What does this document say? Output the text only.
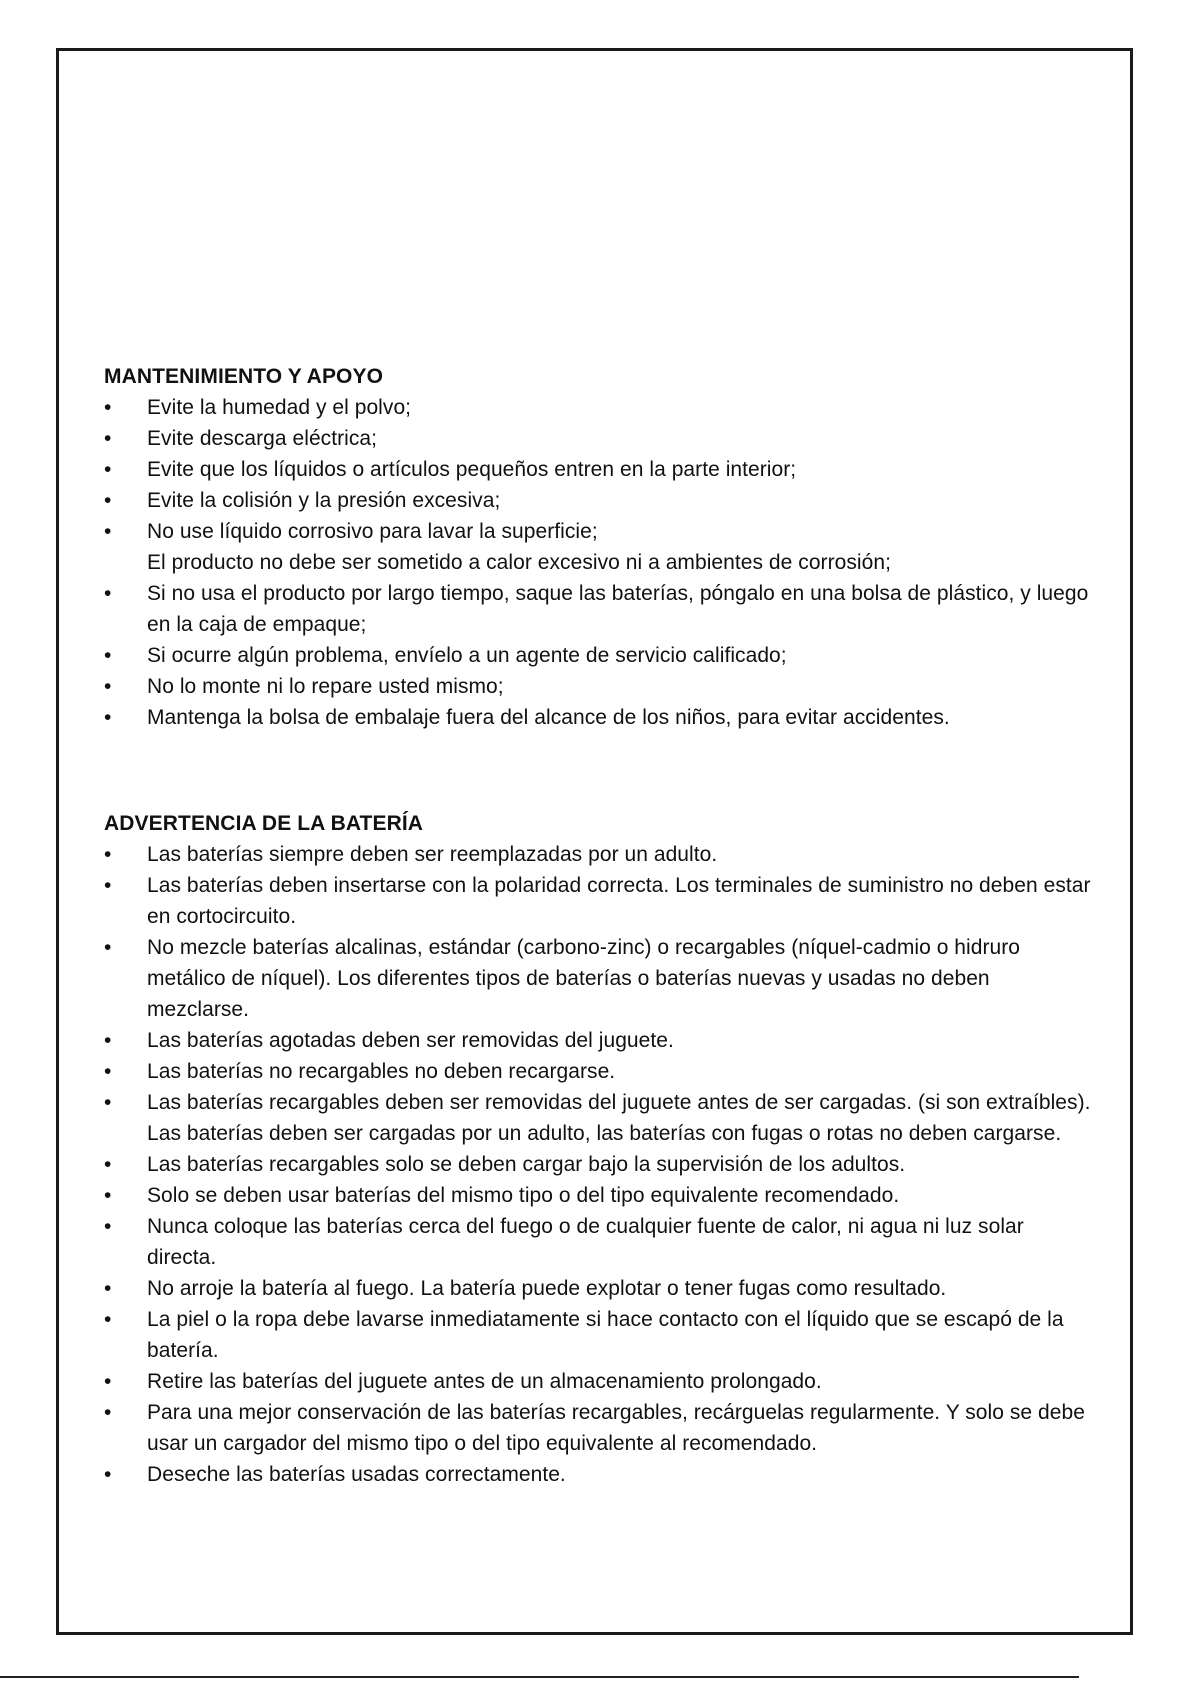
MANTENIMIENTO Y APOYO
• Evite la humedad y el polvo;
• Evite descarga eléctrica;
• Evite que los líquidos o artículos pequeños entren en la parte interior;
• Evite la colisión y la presión excesiva;
• No use líquido corrosivo para lavar la superficie;
El producto no debe ser sometido a calor excesivo ni a ambientes de corrosión;
• Si no usa el producto por largo tiempo, saque las baterías, póngalo en una bolsa de plástico, y luego en la caja de empaque;
• Si ocurre algún problema, envíelo a un agente de servicio calificado;
• No lo monte ni lo repare usted mismo;
• Mantenga la bolsa de embalaje fuera del alcance de los niños, para evitar accidentes.
ADVERTENCIA DE LA BATERÍA
• Las baterías siempre deben ser reemplazadas por un adulto.
• Las baterías deben insertarse con la polaridad correcta. Los terminales de suministro no deben estar en cortocircuito.
• No mezcle baterías alcalinas, estándar (carbono-zinc) o recargables (níquel-cadmio o hidruro metálico de níquel). Los diferentes tipos de baterías o baterías nuevas y usadas no deben mezclarse.
• Las baterías agotadas deben ser removidas del juguete.
• Las baterías no recargables no deben recargarse.
• Las baterías recargables deben ser removidas del juguete antes de ser cargadas. (si son extraíbles). Las baterías deben ser cargadas por un adulto, las baterías con fugas o rotas no deben cargarse.
• Las baterías recargables solo se deben cargar bajo la supervisión de los adultos.
• Solo se deben usar baterías del mismo tipo o del tipo equivalente recomendado.
• Nunca coloque las baterías cerca del fuego o de cualquier fuente de calor, ni agua ni luz solar directa.
• No arroje la batería al fuego. La batería puede explotar o tener fugas como resultado.
• La piel o la ropa debe lavarse inmediatamente si hace contacto con el líquido que se escapó de la batería.
• Retire las baterías del juguete antes de un almacenamiento prolongado.
• Para una mejor conservación de las baterías recargables, recárguelas regularmente. Y solo se debe usar un cargador del mismo tipo o del tipo equivalente al recomendado.
• Deseche las baterías usadas correctamente.
